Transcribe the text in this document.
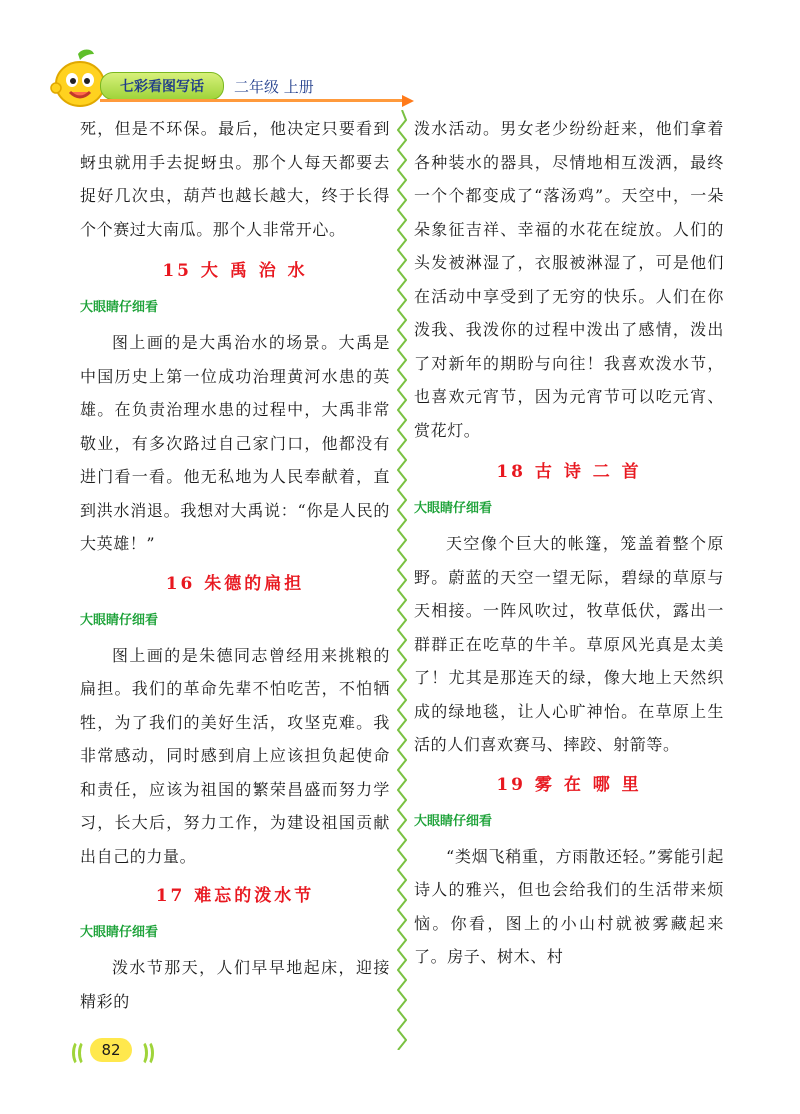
七彩看图写话 二年级 上册

死，但是不环保。最后，他决定只要看到蚜虫就用手去捉蚜虫。那个人每天都要去捉好几次虫，葫芦也越长越大，终于长得个个赛过大南瓜。那个人非常开心。

15 大 禹 治 水

大眼睛仔细看

图上画的是大禹治水的场景。大禹是中国历史上第一位成功治理黄河水患的英雄。在负责治理水患的过程中，大禹非常敬业，有多次路过自己家门口，他都没有进门看一看。他无私地为人民奉献着，直到洪水消退。我想对大禹说：“你是人民的大英雄！”

16 朱德的扁担

大眼睛仔细看

图上画的是朱德同志曾经用来挑粮的扁担。我们的革命先辈不怕吃苦，不怕牺牲，为了我们的美好生活，攻坚克难。我非常感动，同时感到肩上应该担负起使命和责任，应该为祖国的繁荣昌盛而努力学习，长大后，努力工作，为建设祖国贡献出自己的力量。

17 难忘的泼水节

大眼睛仔细看

泼水节那天，人们早早地起床，迎接精彩的

泼水活动。男女老少纷纷赶来，他们拿着各种装水的器具，尽情地相互泼洒，最终一个个都变成了“落汤鸡”。天空中，一朵朵象征吉祥、幸福的水花在绽放。人们的头发被淋湿了，衣服被淋湿了，可是他们在活动中享受到了无穷的快乐。人们在你泼我、我泼你的过程中泼出了感情，泼出了对新年的期盼与向往！我喜欢泼水节，也喜欢元宵节，因为元宵节可以吃元宵、赏花灯。

18 古 诗 二 首

大眼睛仔细看

天空像个巨大的帐篷，笼盖着整个原野。蔚蓝的天空一望无际，碧绿的草原与天相接。一阵风吹过，牧草低伏，露出一群群正在吃草的牛羊。草原风光真是太美了！尤其是那连天的绿，像大地上天然织成的绿地毯，让人心旷神怡。在草原上生活的人们喜欢赛马、摔跤、射箭等。

19 雾 在 哪 里

大眼睛仔细看

“类烟飞稍重，方雨散还轻。”雾能引起诗人的雅兴，但也会给我们的生活带来烦恼。你看，图上的小山村就被雾藏起来了。房子、树木、村

82
